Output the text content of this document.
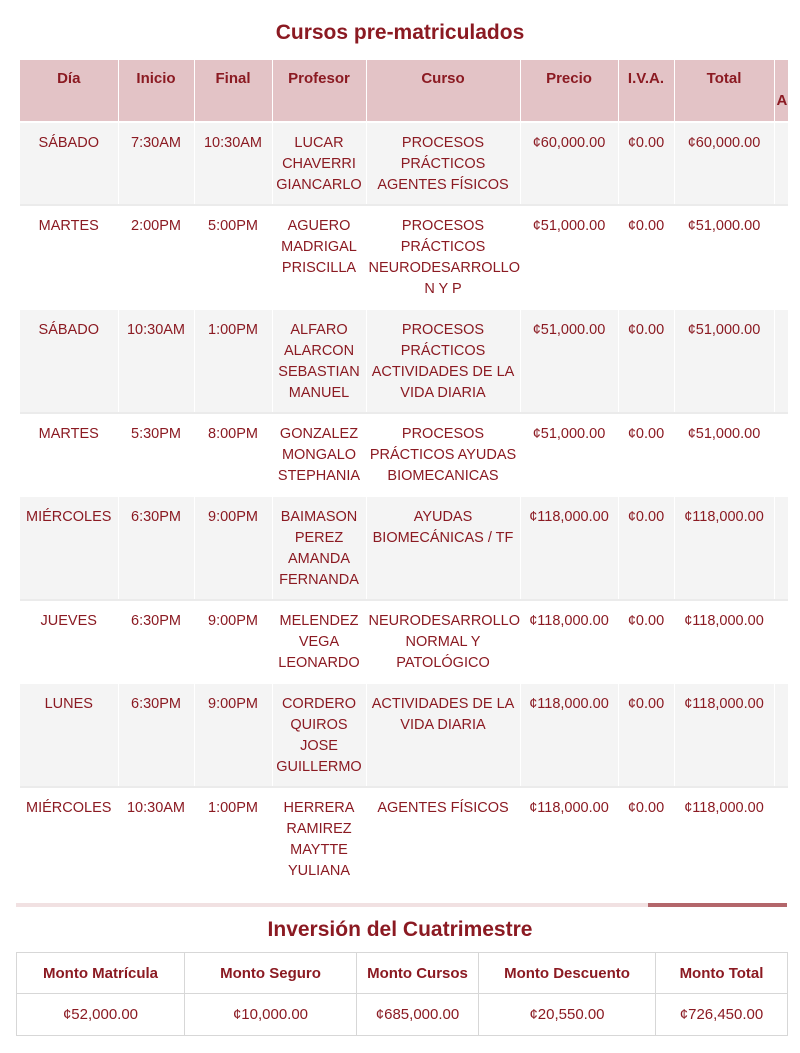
Cursos pre-matriculados
Día	Inicio	Final	Profesor	Curso	Precio	I.V.A.	Total	A

SÁBADO	7:30AM	10:30AM	LUCAR CHAVERRI GIANCARLO	PROCESOS PRÁCTICOS AGENTES FÍSICOS	¢60,000.00	¢0.00	¢60,000.00	
MARTES	2:00PM	5:00PM	AGUERO MADRIGAL PRISCILLA	PROCESOS PRÁCTICOS NEURODESARROLLO N Y P	¢51,000.00	¢0.00	¢51,000.00	
SÁBADO	10:30AM	1:00PM	ALFARO ALARCON SEBASTIAN MANUEL	PROCESOS PRÁCTICOS ACTIVIDADES DE LA VIDA DIARIA	¢51,000.00	¢0.00	¢51,000.00	
MARTES	5:30PM	8:00PM	GONZALEZ MONGALO STEPHANIA	PROCESOS PRÁCTICOS AYUDAS BIOMECANICAS	¢51,000.00	¢0.00	¢51,000.00	
MIÉRCOLES	6:30PM	9:00PM	BAIMASON PEREZ AMANDA FERNANDA	AYUDAS BIOMECÁNICAS / TF	¢118,000.00	¢0.00	¢118,000.00	
JUEVES	6:30PM	9:00PM	MELENDEZ VEGA LEONARDO	NEURODESARROLLO NORMAL Y PATOLÓGICO	¢118,000.00	¢0.00	¢118,000.00	
LUNES	6:30PM	9:00PM	CORDERO QUIROS JOSE GUILLERMO	ACTIVIDADES DE LA VIDA DIARIA	¢118,000.00	¢0.00	¢118,000.00	
MIÉRCOLES	10:30AM	1:00PM	HERRERA RAMIREZ MAYTTE YULIANA	AGENTES FÍSICOS	¢118,000.00	¢0.00	¢118,000.00	
Inversión del Cuatrimestre
Monto Matrícula	Monto Seguro	Monto Cursos	Monto Descuento	Monto Total
¢52,000.00	¢10,000.00	¢685,000.00	¢20,550.00	¢726,450.00
